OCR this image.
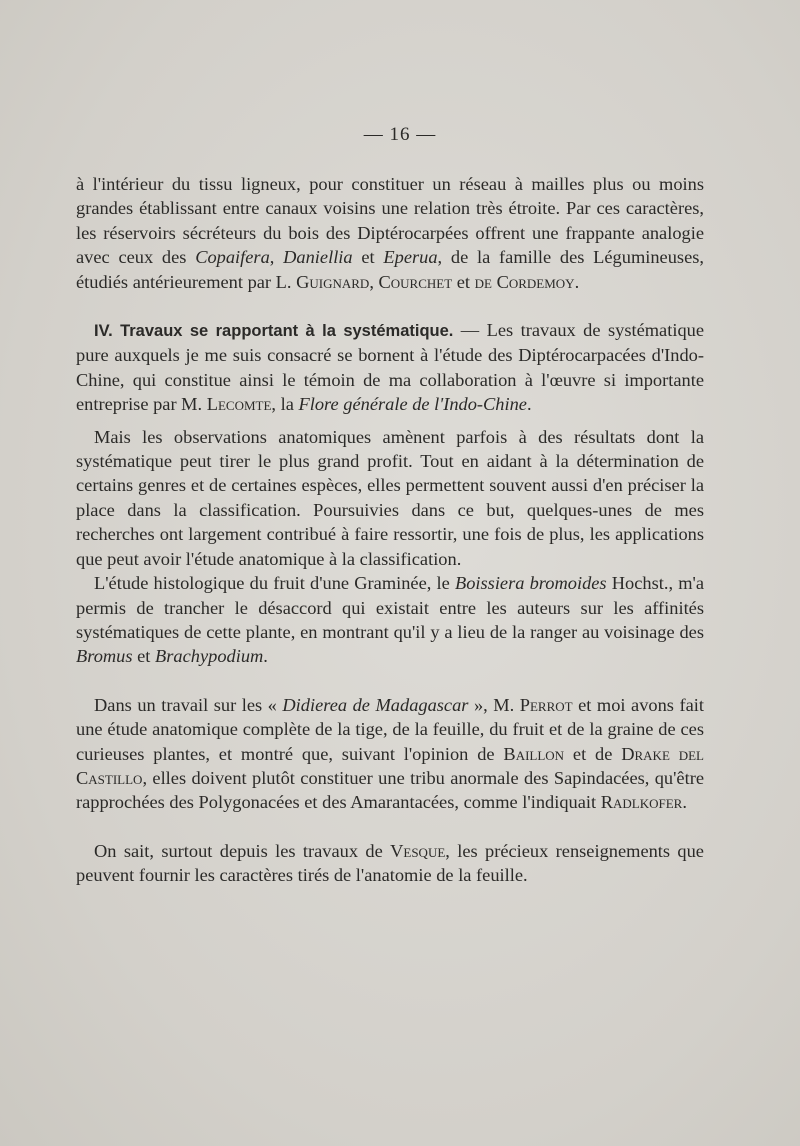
— 16 —

à l'intérieur du tissu ligneux, pour constituer un réseau à mailles plus ou moins grandes établissant entre canaux voisins une relation très étroite. Par ces caractères, les réservoirs sécréteurs du bois des Diptérocarpées offrent une frappante analogie avec ceux des Copaifera, Daniellia et Eperua, de la famille des Légumineuses, étudiés antérieurement par L. Guignard, Courchet et de Cordemoy.

IV. Travaux se rapportant à la systématique. — Les travaux de systématique pure auxquels je me suis consacré se bornent à l'étude des Diptérocarpacées d'Indo-Chine, qui constitue ainsi le témoin de ma collaboration à l'œuvre si importante entreprise par M. Lecomte, la Flore générale de l'Indo-Chine.

Mais les observations anatomiques amènent parfois à des résultats dont la systématique peut tirer le plus grand profit. Tout en aidant à la détermination de certains genres et de certaines espèces, elles permettent souvent aussi d'en préciser la place dans la classification. Poursuivies dans ce but, quelques-unes de mes recherches ont largement contribué à faire ressortir, une fois de plus, les applications que peut avoir l'étude anatomique à la classification.

L'étude histologique du fruit d'une Graminée, le Boissiera bromoides Hochst., m'a permis de trancher le désaccord qui existait entre les auteurs sur les affinités systématiques de cette plante, en montrant qu'il y a lieu de la ranger au voisinage des Bromus et Brachypodium.

Dans un travail sur les « Didierea de Madagascar », M. Perrot et moi avons fait une étude anatomique complète de la tige, de la feuille, du fruit et de la graine de ces curieuses plantes, et montré que, suivant l'opinion de Baillon et de Drake del Castillo, elles doivent plutôt constituer une tribu anormale des Sapindacées, qu'être rapprochées des Polygonacées et des Amarantacées, comme l'indiquait Radlkofer.

On sait, surtout depuis les travaux de Vesque, les précieux renseignements que peuvent fournir les caractères tirés de l'anatomie de la feuille.
